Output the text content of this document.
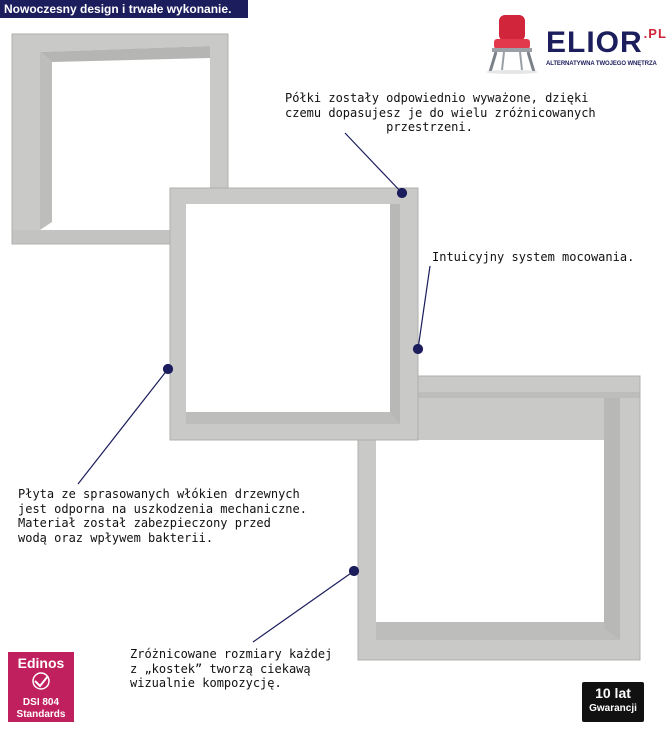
Nowoczesny design i trwałe wykonanie.
$ELIOR^{.PL}$
ALTERNATYWNA TWOJEGO WNĘTRZA
Półki zostały odpowiednio wyważone, dzięki
czemu dopasujesz je do wielu zróżnicowanych
przestrzeni.
Intuicyjny system mocowania.
Płyta ze sprasowanych włókien drzewnych
jest odporna na uszkodzenia mechaniczne.
Materiał został zabezpieczony przed
wodą oraz wpływem bakterii.
Zróżnicowane rozmiary każdej
z „kostek” tworzą ciekawą
wizualnie kompozycję.
Edinos
DSI 804
Standards
10 lat
Gwarancji
